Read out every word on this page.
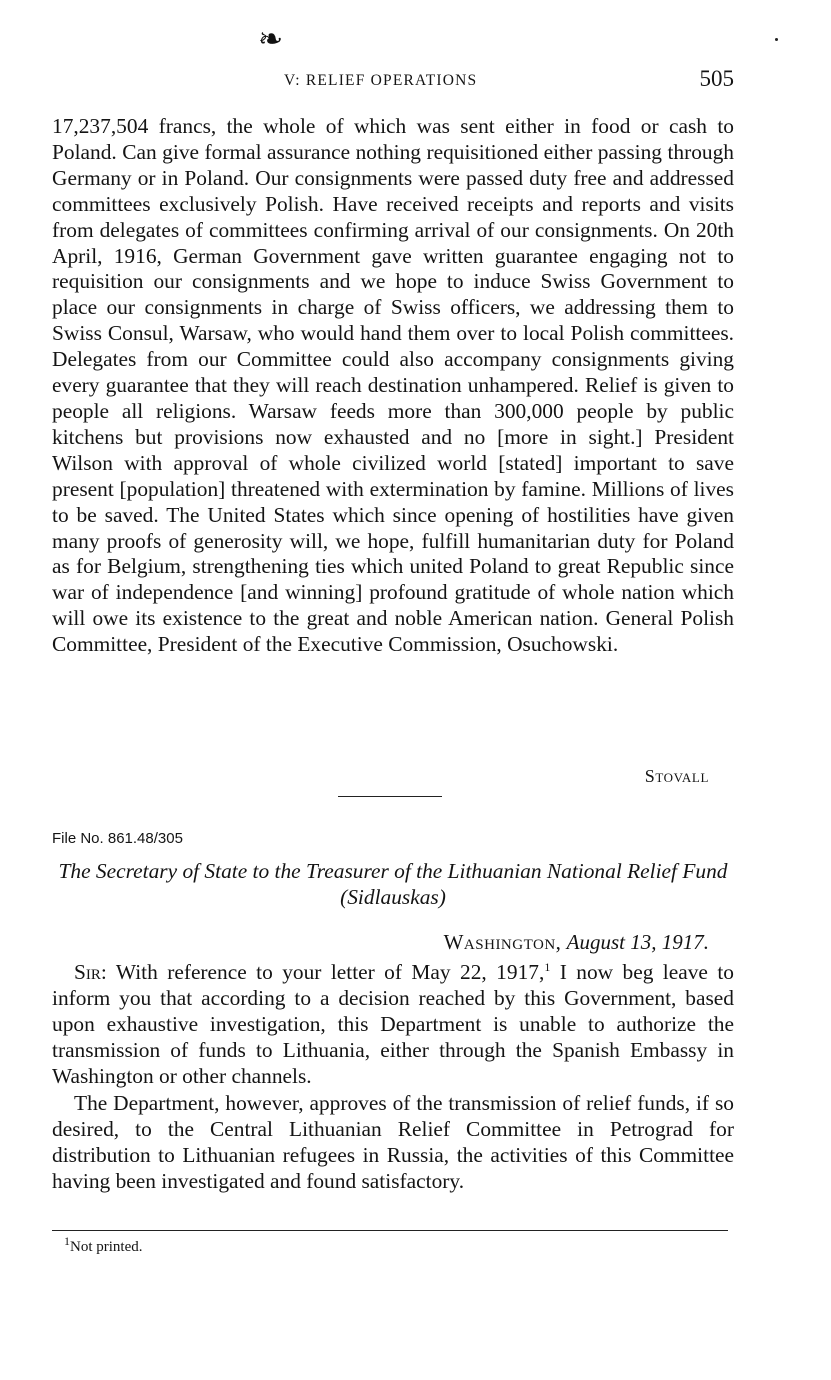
❧
V: RELIEF OPERATIONS	505

17,237,504 francs, the whole of which was sent either in food or cash to Poland. Can give formal assurance nothing requisitioned either passing through Germany or in Poland. Our consignments were passed duty free and addressed committees exclusively Polish. Have received receipts and reports and visits from delegates of committees confirming arrival of our consignments. On 20th April, 1916, German Government gave written guarantee engaging not to requisition our consignments and we hope to induce Swiss Government to place our consignments in charge of Swiss officers, we addressing them to Swiss Consul, Warsaw, who would hand them over to local Polish committees. Delegates from our Committee could also accompany consignments giving every guarantee that they will reach destination unhampered. Relief is given to people all religions. Warsaw feeds more than 300,000 people by public kitchens but provisions now exhausted and no [more in sight.] President Wilson with approval of whole civilized world [stated] important to save present [population] threatened with extermination by famine. Millions of lives to be saved. The United States which since opening of hostilities have given many proofs of generosity will, we hope, fulfill humanitarian duty for Poland as for Belgium, strengthening ties which united Poland to great Republic since war of independence [and winning] profound gratitude of whole nation which will owe its existence to the great and noble American nation. General Polish Committee, President of the Executive Commission, Osuchowski.

Stovall
File No. 861.48/305

The Secretary of State to the Treasurer of the Lithuanian National Relief Fund (Sidlauskas)

Washington, August 13, 1917.

Sir: With reference to your letter of May 22, 1917,$^1$ I now beg leave to inform you that according to a decision reached by this Government, based upon exhaustive investigation, this Department is unable to authorize the transmission of funds to Lithuania, either through the Spanish Embassy in Washington or other channels.

The Department, however, approves of the transmission of relief funds, if so desired, to the Central Lithuanian Relief Committee in Petrograd for distribution to Lithuanian refugees in Russia, the activities of this Committee having been investigated and found satisfactory.

$^1$Not printed.
